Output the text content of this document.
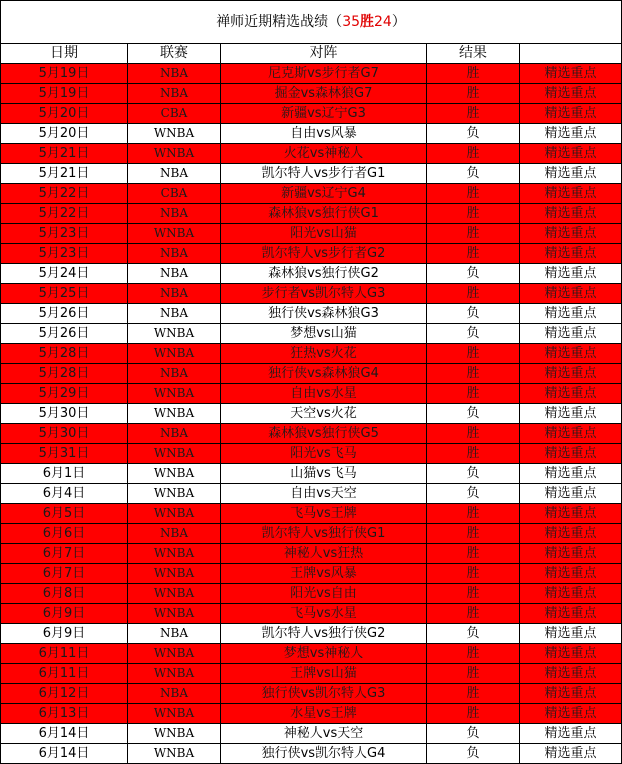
禅师近期精选战绩（35胜24）				
日期	联赛	对阵	结果	
5月19日	NBA	尼克斯vs步行者G7	胜	精选重点
5月19日	NBA	掘金vs森林狼G7	胜	精选重点
5月20日	CBA	新疆vs辽宁G3	胜	精选重点
5月20日	WNBA	自由vs风暴	负	精选重点
5月21日	WNBA	火花vs神秘人	胜	精选重点
5月21日	NBA	凯尔特人vs步行者G1	负	精选重点
5月22日	CBA	新疆vs辽宁G4	胜	精选重点
5月22日	NBA	森林狼vs独行侠G1	胜	精选重点
5月23日	WNBA	阳光vs山猫	胜	精选重点
5月23日	NBA	凯尔特人vs步行者G2	胜	精选重点
5月24日	NBA	森林狼vs独行侠G2	负	精选重点
5月25日	NBA	步行者vs凯尔特人G3	胜	精选重点
5月26日	NBA	独行侠vs森林狼G3	负	精选重点
5月26日	WNBA	梦想vs山猫	负	精选重点
5月28日	WNBA	狂热vs火花	胜	精选重点
5月28日	NBA	独行侠vs森林狼G4	胜	精选重点
5月29日	WNBA	自由vs水星	胜	精选重点
5月30日	WNBA	天空vs火花	负	精选重点
5月30日	NBA	森林狼vs独行侠G5	胜	精选重点
5月31日	WNBA	阳光vs飞马	胜	精选重点
6月1日	WNBA	山猫vs飞马	负	精选重点
6月4日	WNBA	自由vs天空	负	精选重点
6月5日	WNBA	飞马vs王牌	胜	精选重点
6月6日	NBA	凯尔特人vs独行侠G1	胜	精选重点
6月7日	WNBA	神秘人vs狂热	胜	精选重点
6月7日	WNBA	王牌vs风暴	胜	精选重点
6月8日	WNBA	阳光vs自由	胜	精选重点
6月9日	WNBA	飞马vs水星	胜	精选重点
6月9日	NBA	凯尔特人vs独行侠G2	负	精选重点
6月11日	WNBA	梦想vs神秘人	胜	精选重点
6月11日	WNBA	王牌vs山猫	胜	精选重点
6月12日	NBA	独行侠vs凯尔特人G3	胜	精选重点
6月13日	WNBA	水星vs王牌	胜	精选重点
6月14日	WNBA	神秘人vs天空	负	精选重点
6月14日	WNBA	独行侠vs凯尔特人G4	负	精选重点
